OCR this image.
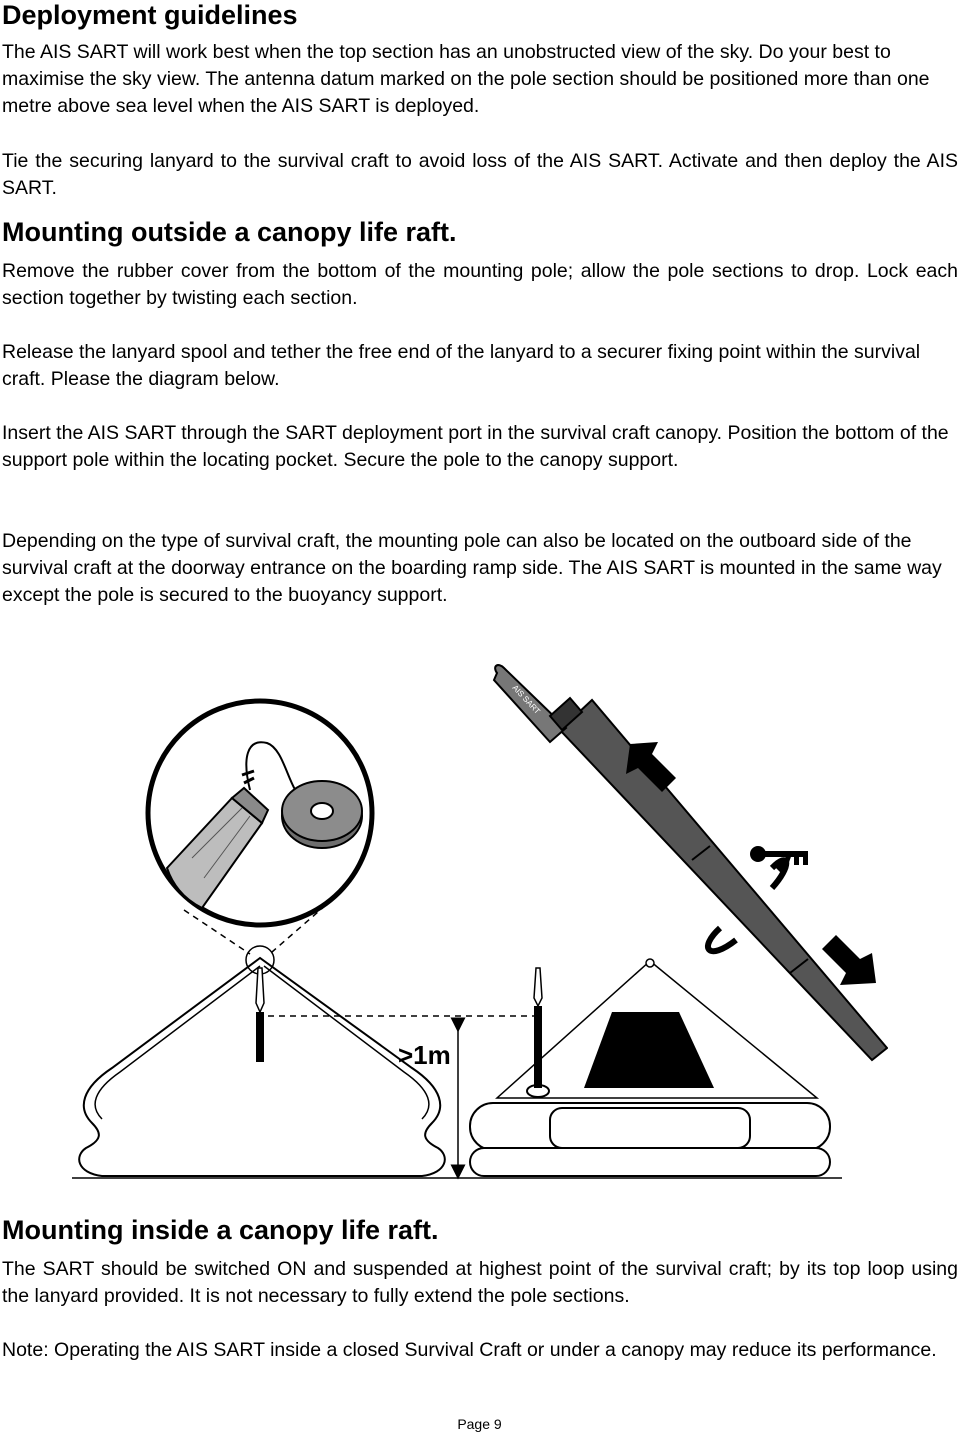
Deployment guidelines

The AIS SART will work best when the top section has an unobstructed view of the sky. Do your best to maximise the sky view. The antenna datum marked on the pole section should be positioned more than one metre above sea level when the AIS SART is deployed.

Tie the securing lanyard to the survival craft to avoid loss of the AIS SART. Activate and then deploy the AIS SART.

Mounting outside a canopy life raft.

Remove the rubber cover from the bottom of the mounting pole; allow the pole sections to drop. Lock each section together by twisting each section.

Release the lanyard spool and tether the free end of the lanyard to a securer fixing point within the survival craft. Please the diagram below.

Insert the AIS SART through the SART deployment port in the survival craft canopy. Position the bottom of the support pole within the locating pocket. Secure the pole to the canopy support.

Depending on the type of survival craft, the mounting pole can also be located on the outboard side of the survival craft at the doorway entrance on the boarding ramp side. The AIS SART is mounted in the same way except the pole is secured to the buoyancy support.

>1m
AIS SART
Mounting inside a canopy life raft.

The SART should be switched ON and suspended at highest point of the survival craft; by its top loop using the lanyard provided. It is not necessary to fully extend the pole sections.

Note: Operating the AIS SART inside a closed Survival Craft or under a canopy may reduce its performance.

Page 9
